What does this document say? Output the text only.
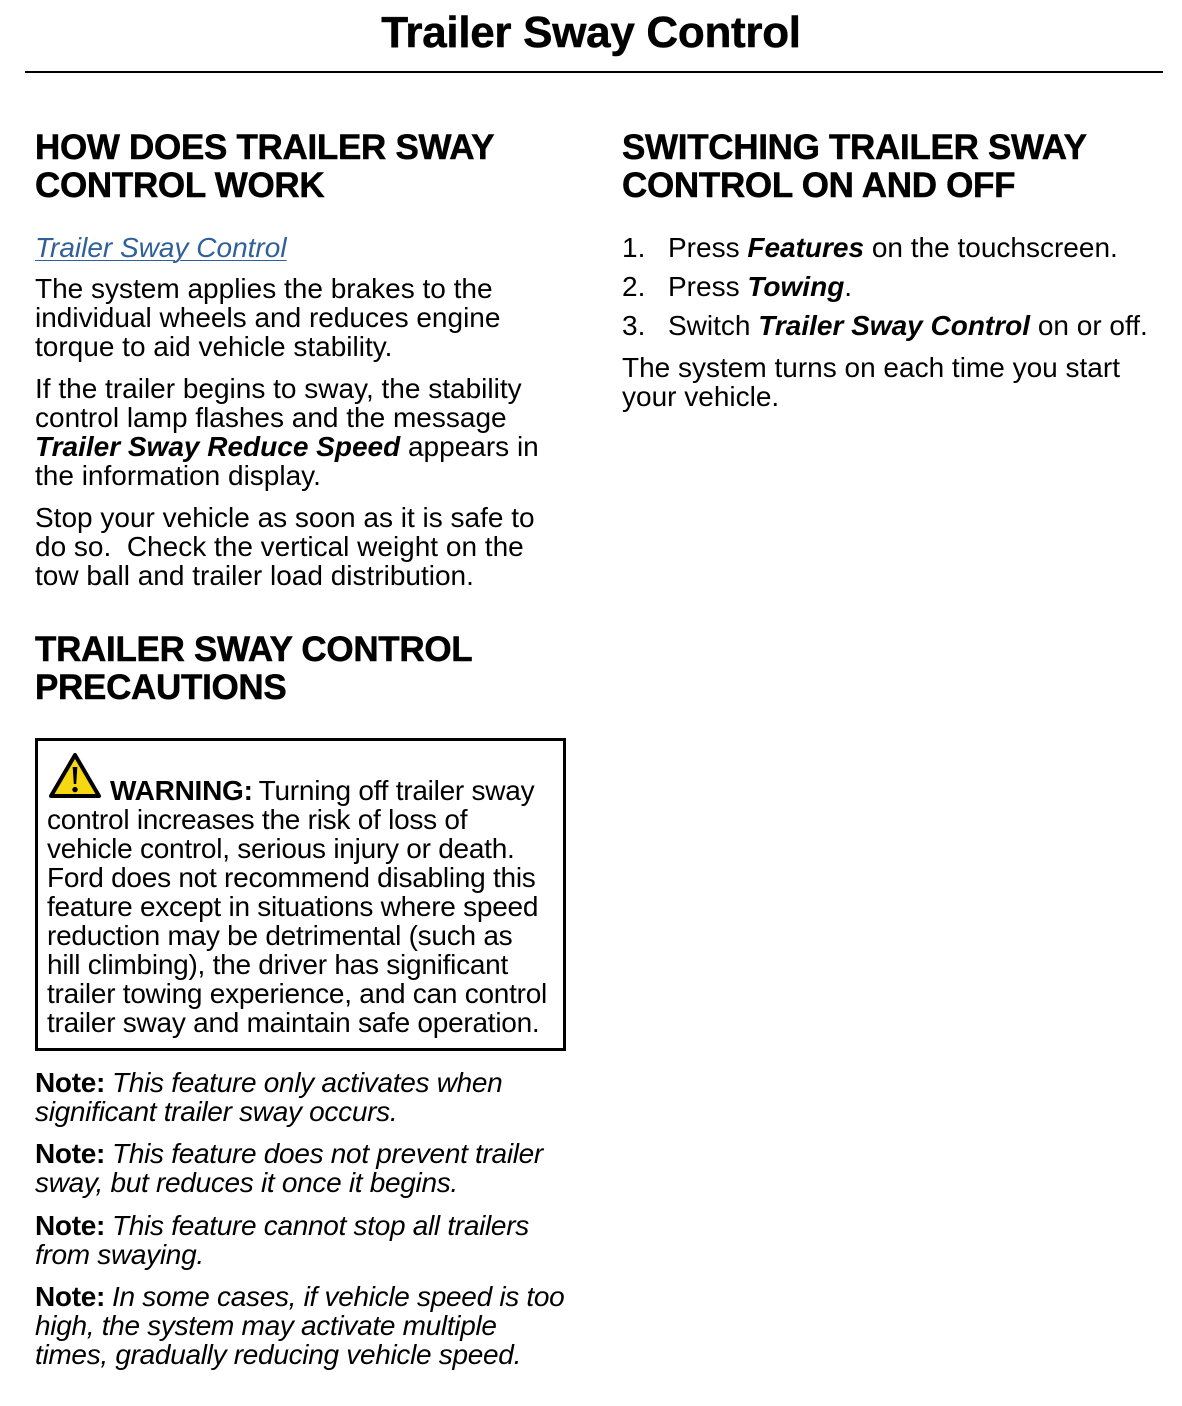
Trailer Sway Control
HOW DOES TRAILER SWAY
CONTROL WORK
Trailer Sway Control

The system applies the brakes to the
individual wheels and reduces engine
torque to aid vehicle stability.

If the trailer begins to sway, the stability
control lamp flashes and the message
Trailer Sway Reduce Speed appears in
the information display.

Stop your vehicle as soon as it is safe to
do so.  Check the vertical weight on the
tow ball and trailer load distribution.

TRAILER SWAY CONTROL
PRECAUTIONS
WARNING: Turning off trailer sway
control increases the risk of loss of
vehicle control, serious injury or death.
Ford does not recommend disabling this
feature except in situations where speed
reduction may be detrimental (such as
hill climbing), the driver has significant
trailer towing experience, and can control
trailer sway and maintain safe operation.
Note: This feature only activates when
significant trailer sway occurs.
Note: This feature does not prevent trailer
sway, but reduces it once it begins.
Note: This feature cannot stop all trailers
from swaying.
Note: In some cases, if vehicle speed is too
high, the system may activate multiple
times, gradually reducing vehicle speed.
SWITCHING TRAILER SWAY
CONTROL ON AND OFF
1. Press Features on the touchscreen.
2. Press Towing.
3. Switch Trailer Sway Control on or off.

The system turns on each time you start
your vehicle.
